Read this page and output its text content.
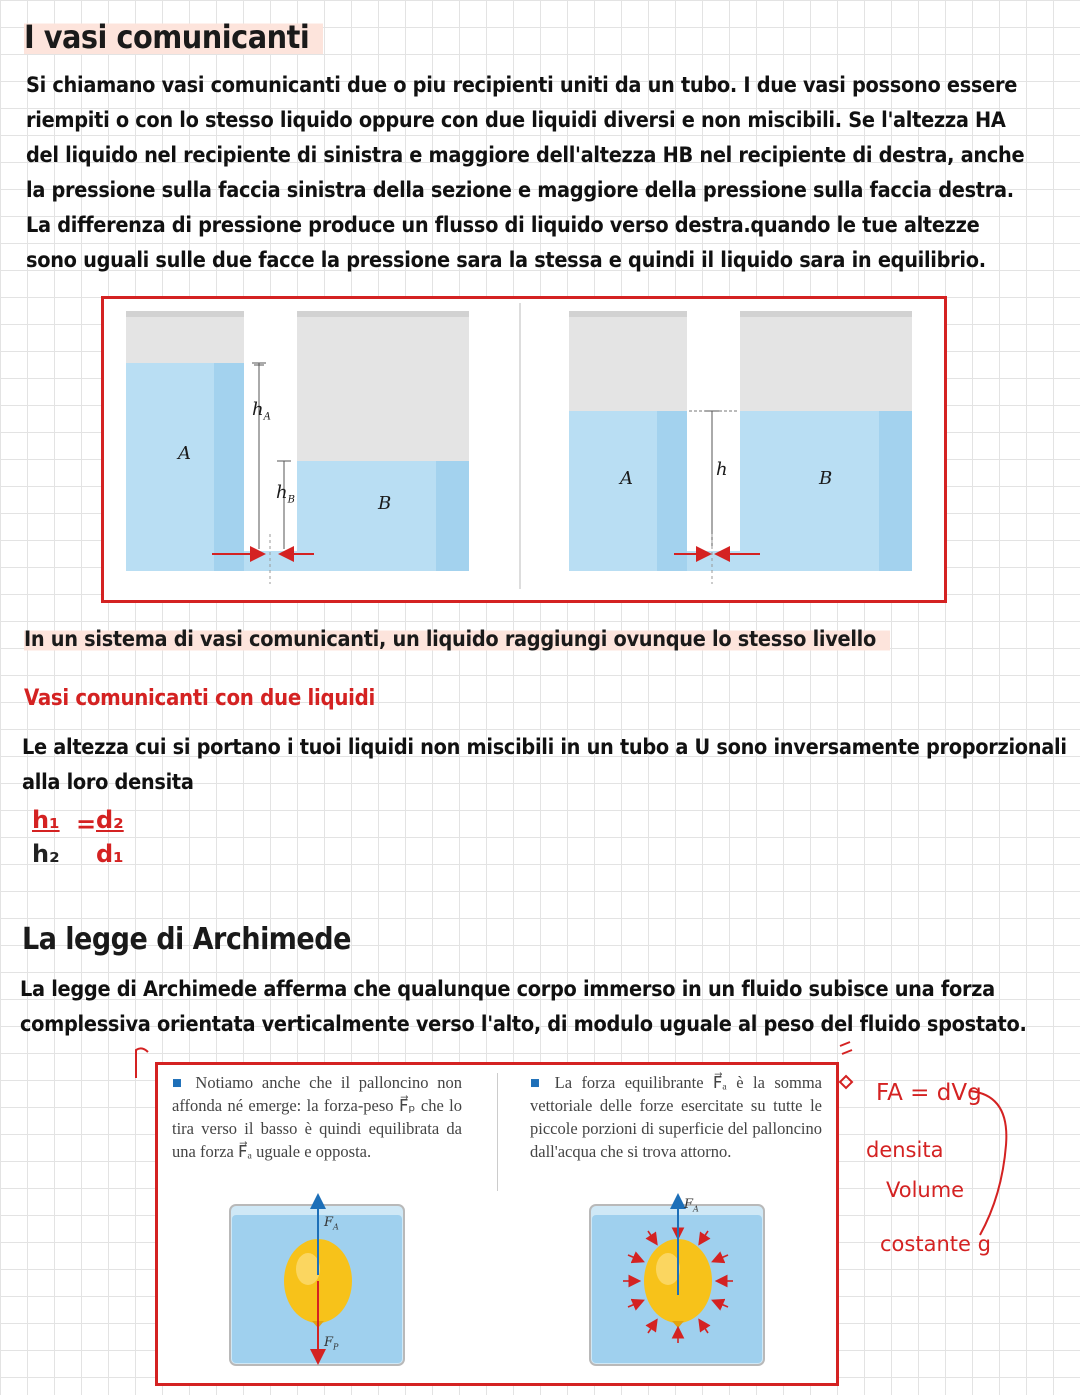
I vasi comunicanti
Si chiamano vasi comunicanti due o piu recipienti uniti da un tubo. I due vasi possono essere
riempiti o con lo stesso liquido oppure con due liquidi diversi e non miscibili. Se l'altezza HA
del liquido nel recipiente di sinistra e maggiore dell'altezza HB nel recipiente di destra, anche
la pressione sulla faccia sinistra della sezione e maggiore della pressione sulla faccia destra.
La differenza di pressione produce un flusso di liquido verso destra.quando le tue altezze
sono uguali sulle due facce la pressione sara la stessa e quindi il liquido sara in equilibrio.
A
B
$h_A$
$h_B$
A	B
h
In un sistema di vasi comunicanti, un liquido raggiungi ovunque lo stesso livello
Vasi comunicanti con due liquidi
Le altezza cui si portano i tuoi liquidi non miscibili in un tubo a U sono inversamente proporzionali
alla loro densita
h₁ = d₂
h₂ d₁
La legge di Archimede
La legge di Archimede afferma che qualunque corpo immerso in un fluido subisce una forza
complessiva orientata verticalmente verso l'alto, di modulo uguale al peso del fluido spostato.
■ Notiamo anche che il palloncino non affonda né emerge: la forza-peso F⃗ₚ che lo tira verso il basso è quindi equilibrata da una forza F⃗ₐ uguale e opposta.
■ La forza equilibrante F⃗ₐ è la somma vettoriale delle forze esercitate su tutte le piccole porzioni di superficie del palloncino dall'acqua che si trova attorno.
$F_A$
$F_P$
$F_A$
FA = dVg
densita
Volume
costante g
